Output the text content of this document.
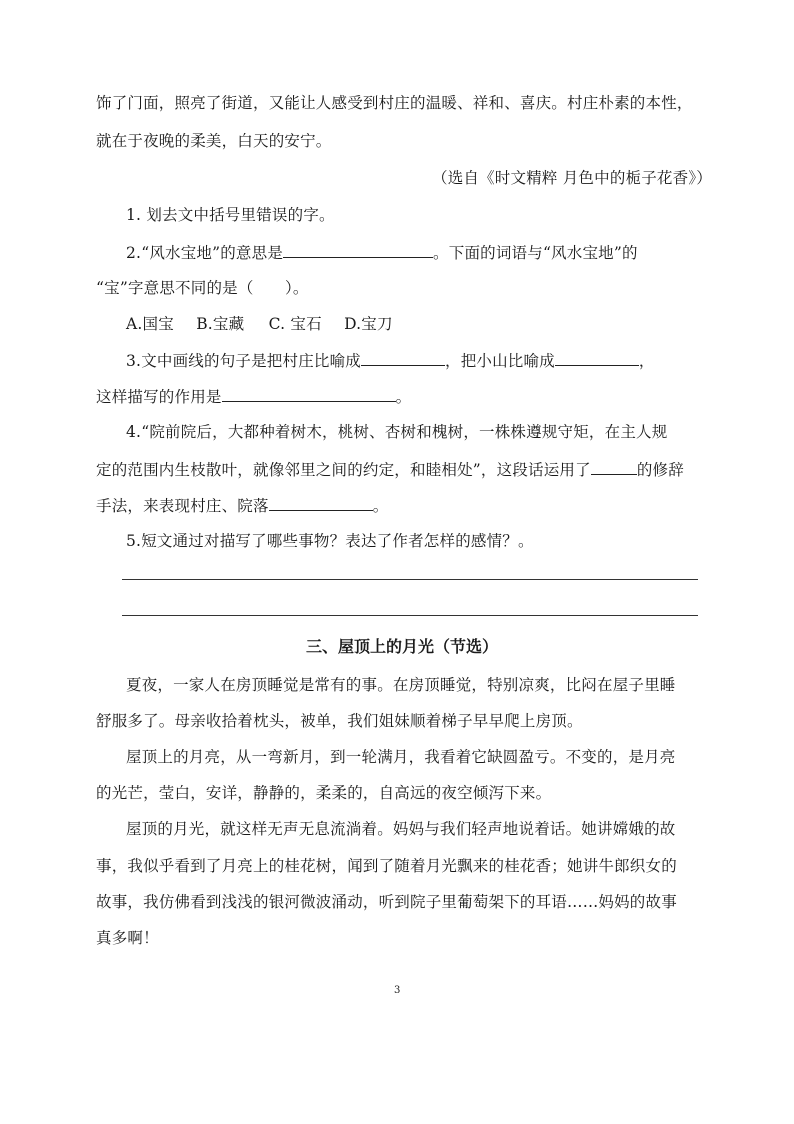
饰了门面，照亮了街道，又能让人感受到村庄的温暖、祥和、喜庆。村庄朴素的本性，
就在于夜晚的柔美，白天的安宁。
（选自《时文精粹 月色中的栀子花香》）
1. 划去文中括号里错误的字。
2.“风水宝地”的意思是	。下面的词语与“风水宝地”的
“宝”字意思不同的是（　　）。
A.国宝 B.宝藏 C. 宝石 D.宝刀
3.文中画线的句子是把村庄比喻成	，把小山比喻成	，
这样描写的作用是	。
4.“院前院后，大都种着树木，桃树、杏树和槐树，一株株遵规守矩，在主人规
定的范围内生枝散叶，就像邻里之间的约定，和睦相处”，这段话运用了	的修辞
手法，来表现村庄、院落	。
5.短文通过对描写了哪些事物？表达了作者怎样的感情？。
三、屋顶上的月光（节选）
夏夜，一家人在房顶睡觉是常有的事。在房顶睡觉，特别凉爽，比闷在屋子里睡
舒服多了。母亲收拾着枕头，被单，我们姐妹顺着梯子早早爬上房顶。
屋顶上的月亮，从一弯新月，到一轮满月，我看着它缺圆盈亏。不变的，是月亮
的光芒，莹白，安详，静静的，柔柔的，自高远的夜空倾泻下来。
屋顶的月光，就这样无声无息流淌着。妈妈与我们轻声地说着话。她讲嫦娥的故
事，我似乎看到了月亮上的桂花树，闻到了随着月光飘来的桂花香；她讲牛郎织女的
故事，我仿佛看到浅浅的银河微波涌动，听到院子里葡萄架下的耳语……妈妈的故事
真多啊！
3
